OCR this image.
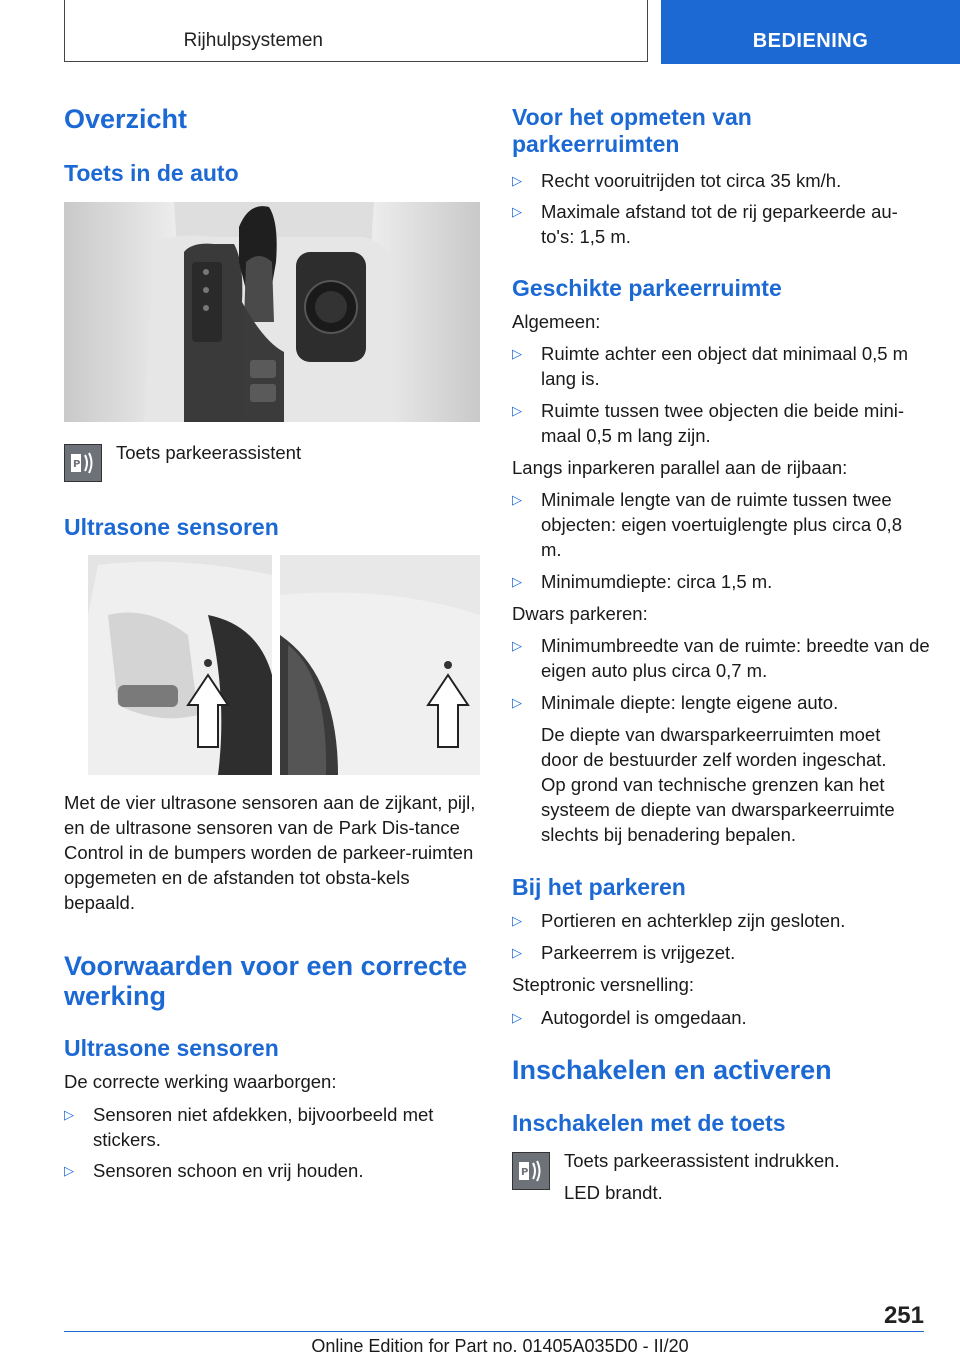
Rijhulpsystemen	BEDIENING
Overzicht
Toets in de auto
P

Toets parkeerassistent

Ultrasone sensoren

Met de vier ultrasone sensoren aan de zijkant, pijl, en de ultrasone sensoren van de Park Dis-tance Control in de bumpers worden de parkeer-ruimten opgemeten en de afstanden tot obsta-kels bepaald.

Voorwaarden voor een correcte werking
Ultrasone sensoren

De correcte werking waarborgen:

▷ Sensoren niet afdekken, bijvoorbeeld met stickers.
▷ Sensoren schoon en vrij houden.
Voor het opmeten van parkeerruimten
▷ Recht vooruitrijden tot circa 35 km/h.
▷ Maximale afstand tot de rij geparkeerde au-to's: 1,5 m.
Geschikte parkeerruimte

Algemeen:

▷ Ruimte achter een object dat minimaal 0,5 m lang is.
▷ Ruimte tussen twee objecten die beide mini-maal 0,5 m lang zijn.

Langs inparkeren parallel aan de rijbaan:

▷ Minimale lengte van de ruimte tussen twee objecten: eigen voertuiglengte plus circa 0,8 m.
▷ Minimumdiepte: circa 1,5 m.

Dwars parkeren:

▷ Minimumbreedte van de ruimte: breedte van de eigen auto plus circa 0,7 m.
▷ Minimale diepte: lengte eigene auto.

De diepte van dwarsparkeerruimten moet door de bestuurder zelf worden ingeschat. Op grond van technische grenzen kan het systeem de diepte van dwarsparkeerruimte slechts bij benadering bepalen.

Bij het parkeren
▷ Portieren en achterklep zijn gesloten.
▷ Parkeerrem is vrijgezet.

Steptronic versnelling:

▷ Autogordel is omgedaan.
Inschakelen en activeren
Inschakelen met de toets
P

Toets parkeerassistent indrukken.

LED brandt.

251
Online Edition for Part no. 01405A035D0 - II/20
